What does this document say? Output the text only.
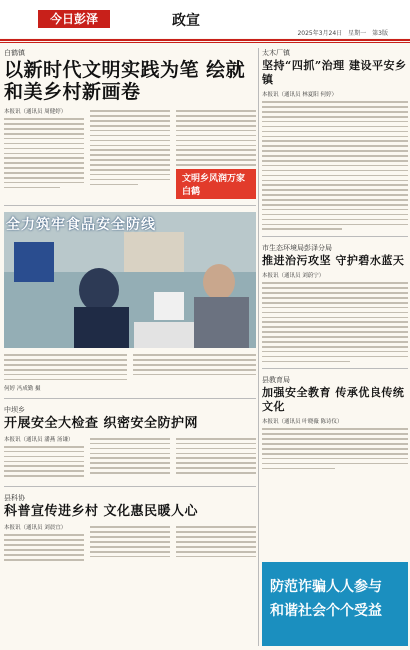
今日彭泽	政宣
2025年3月24日　星期一　第3版
白鹤镇
以新时代文明实践为笔 绘就和美乡村新画卷
本报讯（通讯员 周健婷）
文明乡风润万家 白鹤
全力筑牢食品安全防线
何婷 冯成勤 摄
中坝乡
开展安全大检查 织密安全防护网
本报讯（通讯员 潘燕 汤谦）
县科协
科普宣传进乡村 文化惠民暖人心
本报讯（通讯员 刘晨宜）
太木厂镇
坚持“四抓”治理 建设平安乡镇
本报讯（通讯员 林夏阳 何婷）
市生态环境局彭泽分局
推进治污攻坚 守护碧水蓝天
本报讯（通讯员 刘蔚宁）
县教育局
加强安全教育 传承优良传统文化
本报讯（通讯员 叶晓薇 陈诗仪）
防范诈骗人人参与
和谐社会个个受益
